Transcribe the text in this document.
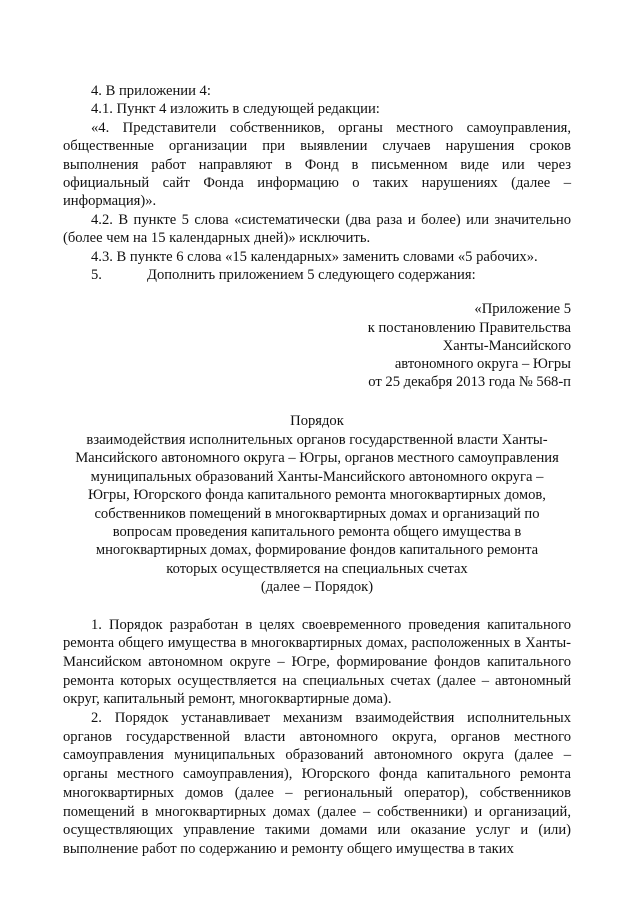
4. В приложении 4:

4.1. Пункт 4 изложить в следующей редакции:

«4. Представители собственников, органы местного самоуправления, общественные организации при выявлении случаев нарушения сроков выполнения работ направляют в Фонд в письменном виде или через официальный сайт Фонда информацию о таких нарушениях (далее – информация)».

4.2. В пункте 5 слова «систематически (два раза и более) или значительно (более чем на 15 календарных дней)» исключить.

4.3. В пункте 6 слова «15 календарных» заменить словами «5 рабочих».

5.	Дополнить приложением 5 следующего содержания:

«Приложение 5

к постановлению Правительства

Ханты-Мансийского

автономного округа – Югры

от 25 декабря 2013 года № 568-п

Порядок

взаимодействия исполнительных органов государственной власти Ханты-Мансийского автономного округа – Югры, органов местного самоуправления муниципальных образований Ханты-Мансийского автономного округа – Югры, Югорского фонда капитального ремонта многоквартирных домов, собственников помещений в многоквартирных домах и организаций по вопросам проведения капитального ремонта общего имущества в многоквартирных домах, формирование фондов капитального ремонта которых осуществляется на специальных счетах

(далее – Порядок)

1. Порядок разработан в целях своевременного проведения капитального ремонта общего имущества в многоквартирных домах, расположенных в Ханты-Мансийском автономном округе – Югре, формирование фондов капитального ремонта которых осуществляется на специальных счетах (далее – автономный округ, капитальный ремонт, многоквартирные дома).

2. Порядок устанавливает механизм взаимодействия исполнительных органов государственной власти автономного округа, органов местного самоуправления муниципальных образований автономного округа (далее – органы местного самоуправления), Югорского фонда капитального ремонта многоквартирных домов (далее – региональный оператор), собственников помещений в многоквартирных домах (далее – собственники) и организаций, осуществляющих управление такими домами или оказание услуг и (или) выполнение работ по содержанию и ремонту общего имущества в таких
